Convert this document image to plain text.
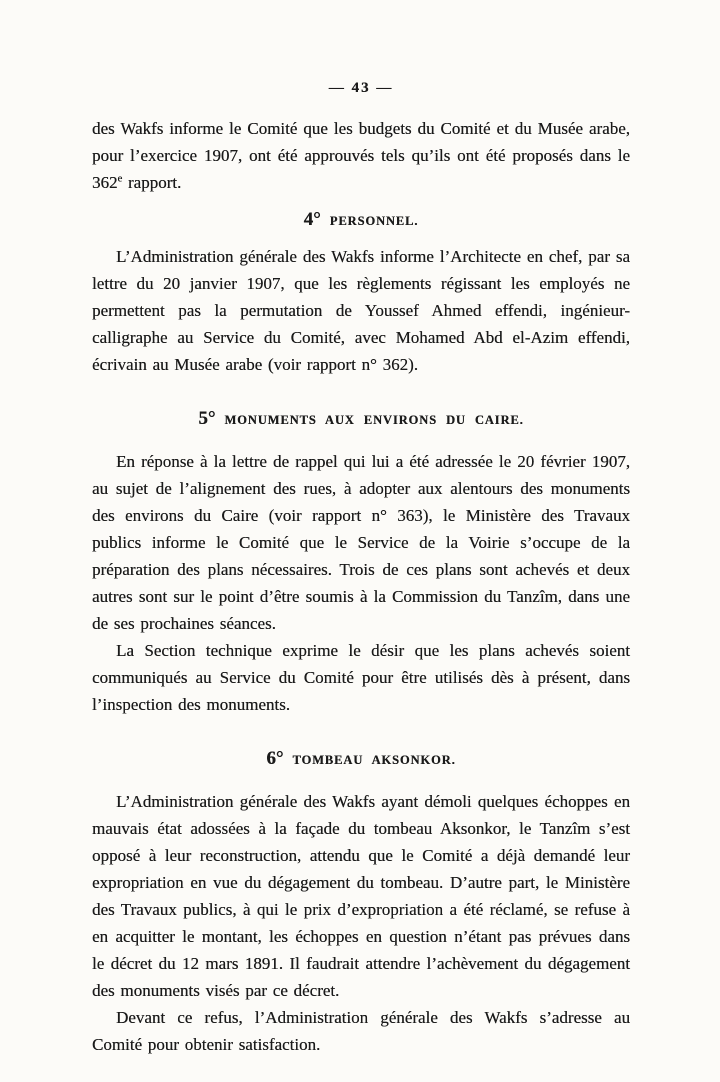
— 43 —

des Wakfs informe le Comité que les budgets du Comité et du Musée arabe, pour l’exercice 1907, ont été approuvés tels qu’ils ont été proposés dans le 362e rapport.

4° PERSONNEL.

L’Administration générale des Wakfs informe l’Architecte en chef, par sa lettre du 20 janvier 1907, que les règlements régissant les employés ne permettent pas la permutation de Youssef Ahmed effendi, ingénieur-calligraphe au Service du Comité, avec Mohamed Abd el-Azim effendi, écrivain au Musée arabe (voir rapport n° 362).

5° MONUMENTS AUX ENVIRONS DU CAIRE.

En réponse à la lettre de rappel qui lui a été adressée le 20 février 1907, au sujet de l’alignement des rues, à adopter aux alentours des monuments des environs du Caire (voir rapport n° 363), le Ministère des Travaux publics informe le Comité que le Service de la Voirie s’occupe de la préparation des plans nécessaires. Trois de ces plans sont achevés et deux autres sont sur le point d’être soumis à la Commission du Tanzîm, dans une de ses prochaines séances.

La Section technique exprime le désir que les plans achevés soient communiqués au Service du Comité pour être utilisés dès à présent, dans l’inspection des monuments.

6° TOMBEAU AKSONKOR.

L’Administration générale des Wakfs ayant démoli quelques échoppes en mauvais état adossées à la façade du tombeau Aksonkor, le Tanzîm s’est opposé à leur reconstruction, attendu que le Comité a déjà demandé leur expropriation en vue du dégagement du tombeau. D’autre part, le Ministère des Travaux publics, à qui le prix d’expropriation a été réclamé, se refuse à en acquitter le montant, les échoppes en question n’étant pas prévues dans le décret du 12 mars 1891. Il faudrait attendre l’achèvement du dégagement des monuments visés par ce décret.

Devant ce refus, l’Administration générale des Wakfs s’adresse au Comité pour obtenir satisfaction.
